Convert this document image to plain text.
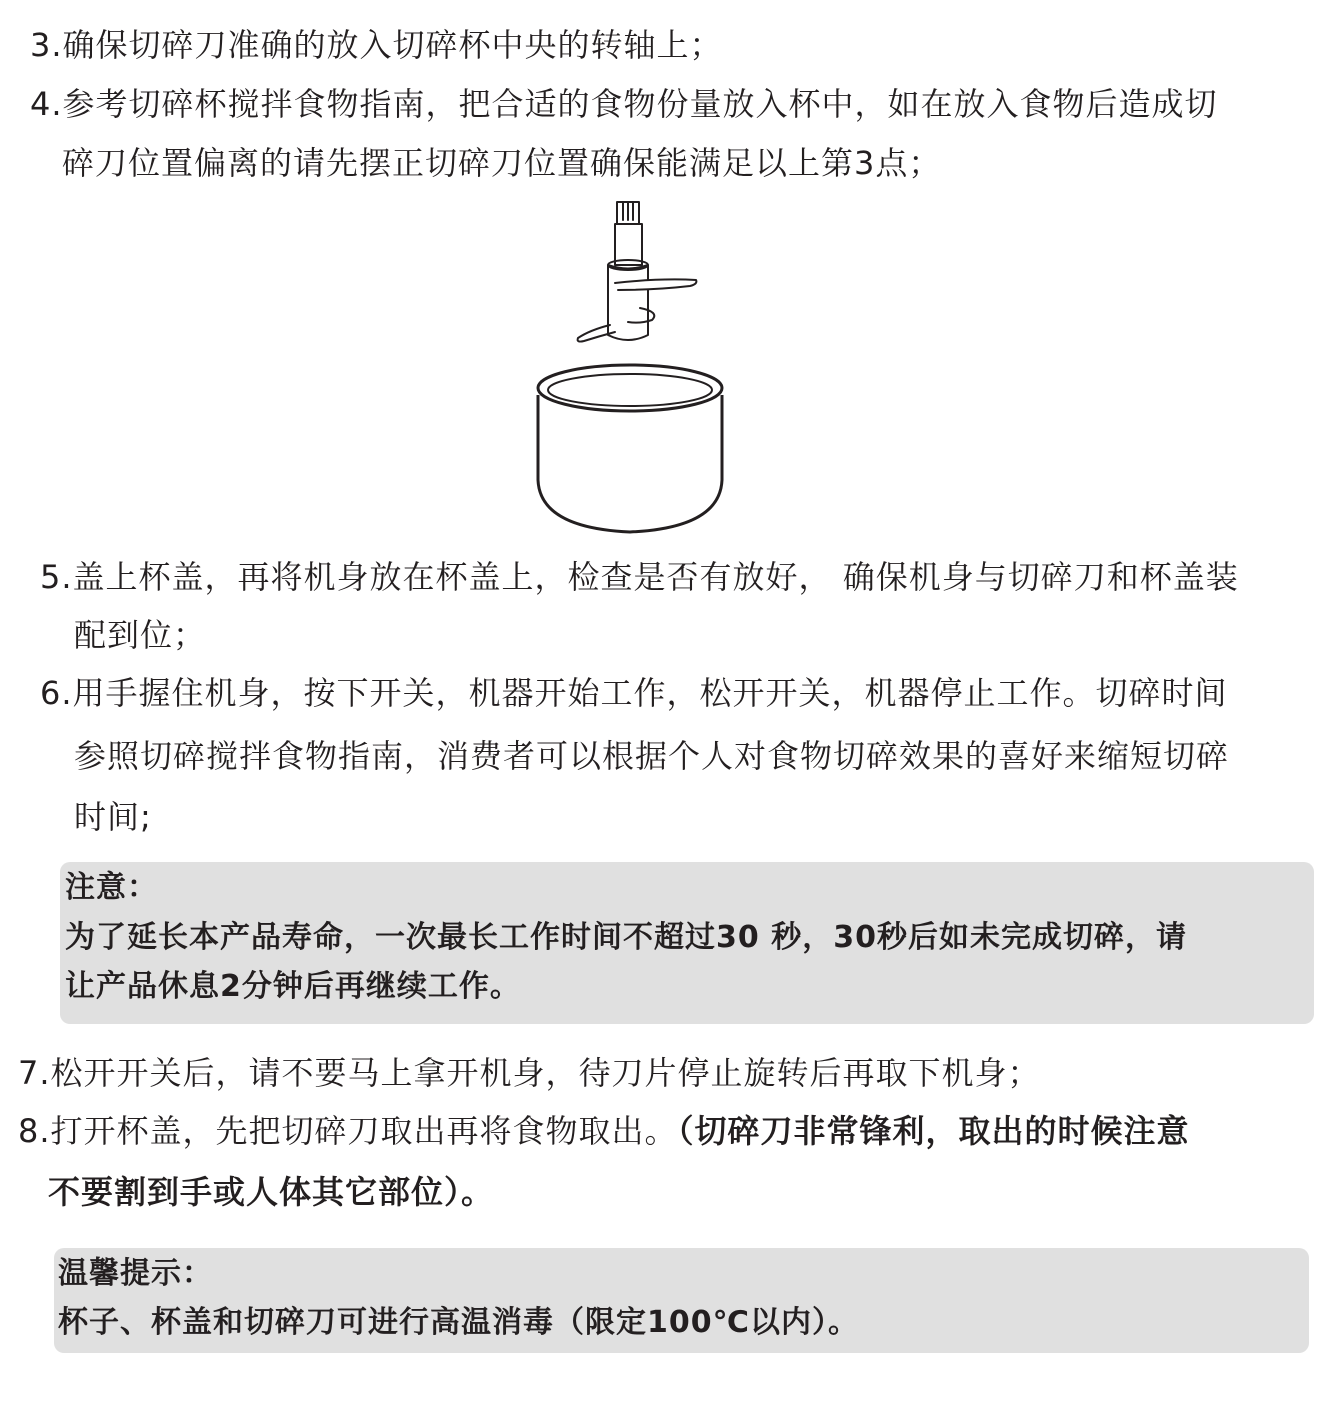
3.确保切碎刀准确的放入切碎杯中央的转轴上；
4.参考切碎杯搅拌食物指南，把合适的食物份量放入杯中，如在放入食物后造成切
碎刀位置偏离的请先摆正切碎刀位置确保能满足以上第3点；
5.盖上杯盖，再将机身放在杯盖上，检查是否有放好， 确保机身与切碎刀和杯盖装
配到位；
6.用手握住机身，按下开关，机器开始工作，松开开关，机器停止工作。切碎时间
参照切碎搅拌食物指南，消费者可以根据个人对食物切碎效果的喜好来缩短切碎
时间;
注意：
为了延长本产品寿命，一次最长工作时间不超过30 秒，30秒后如未完成切碎，请
让产品休息2分钟后再继续工作。
7.松开开关后，请不要马上拿开机身，待刀片停止旋转后再取下机身；
8.打开杯盖，先把切碎刀取出再将食物取出。（切碎刀非常锋利，取出的时候注意
不要割到手或人体其它部位）。
温馨提示：
杯子、杯盖和切碎刀可进行高温消毒（限定100℃以内）。
